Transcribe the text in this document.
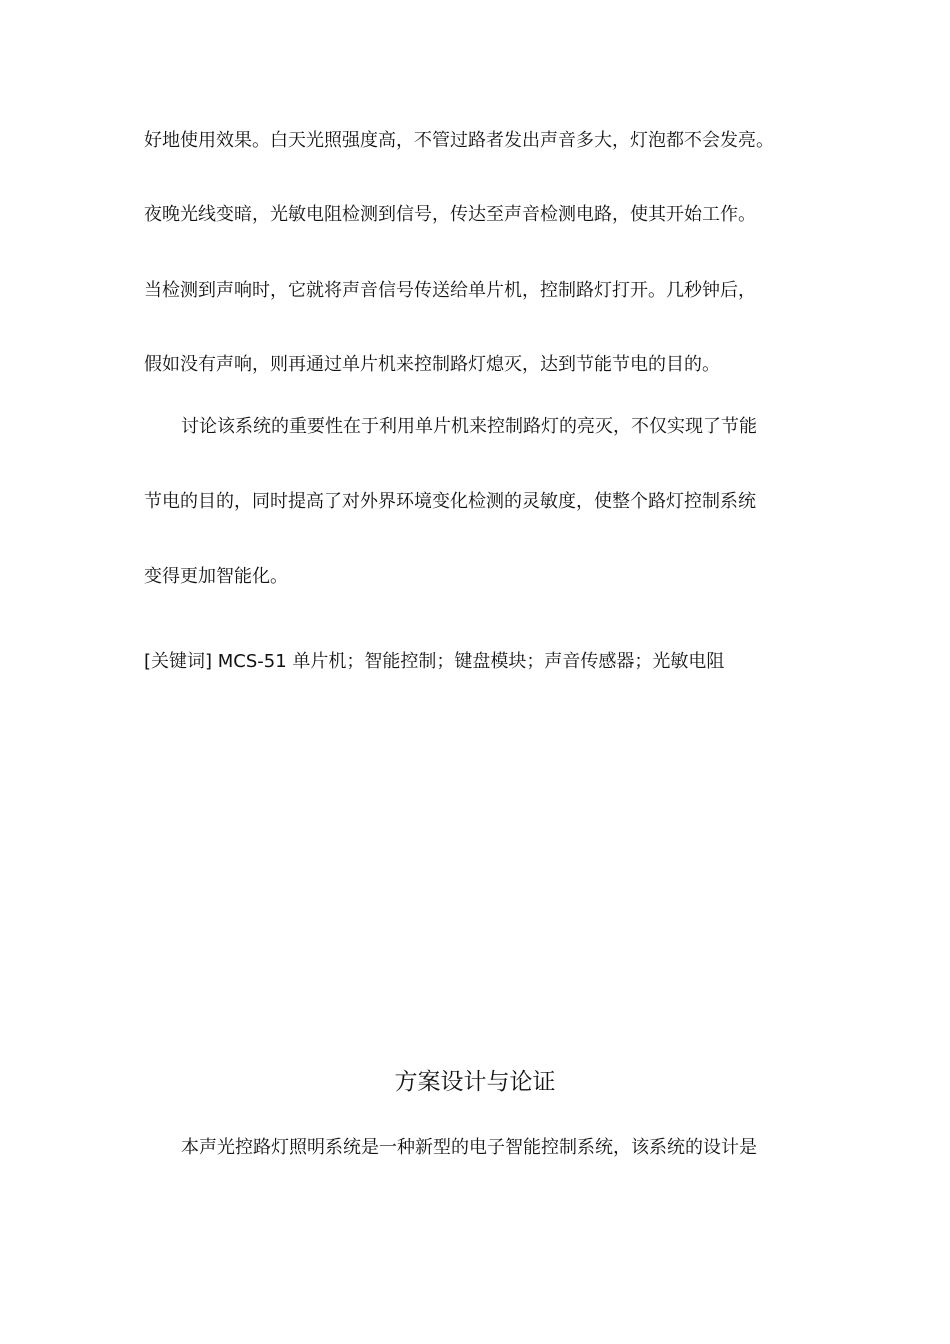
好地使用效果。白天光照强度高，不管过路者发出声音多大，灯泡都不会发亮。
夜晚光线变暗，光敏电阻检测到信号，传达至声音检测电路，使其开始工作。
当检测到声响时，它就将声音信号传送给单片机，控制路灯打开。几秒钟后，
假如没有声响，则再通过单片机来控制路灯熄灭，达到节能节电的目的。
讨论该系统的重要性在于利用单片机来控制路灯的亮灭，不仅实现了节能
节电的目的，同时提高了对外界环境变化检测的灵敏度，使整个路灯控制系统
变得更加智能化。
[关键词] MCS-51 单片机；智能控制；键盘模块；声音传感器；光敏电阻
方案设计与论证
本声光控路灯照明系统是一种新型的电子智能控制系统，该系统的设计是
